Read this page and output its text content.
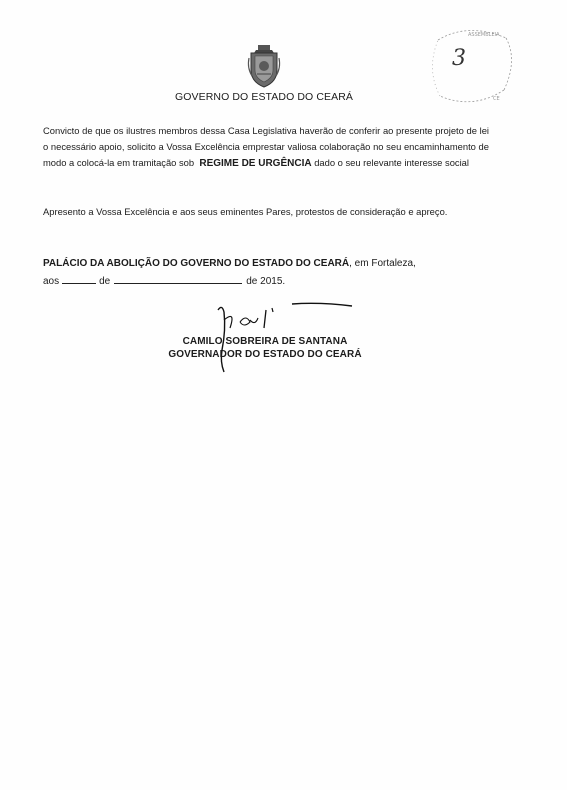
GOVERNO DO ESTADO DO CEARÁ
ASSEMBLEIA
CE
3
Convicto de que os ilustres membros dessa Casa Legislativa haverão de conferir ao presente projeto de lei o necessário apoio, solicito a Vossa Excelência emprestar valiosa colaboração no seu encaminhamento de modo a colocá-la em tramitação sob REGIME DE URGÊNCIA dado o seu relevante interesse social
Apresento a Vossa Excelência e aos seus eminentes Pares, protestos de consideração e apreço.
PALÁCIO DA ABOLIÇÃO DO GOVERNO DO ESTADO DO CEARÁ, em Fortaleza,
aos	de	de 2015.
CAMILO SOBREIRA DE SANTANA
GOVERNADOR DO ESTADO DO CEARÁ
